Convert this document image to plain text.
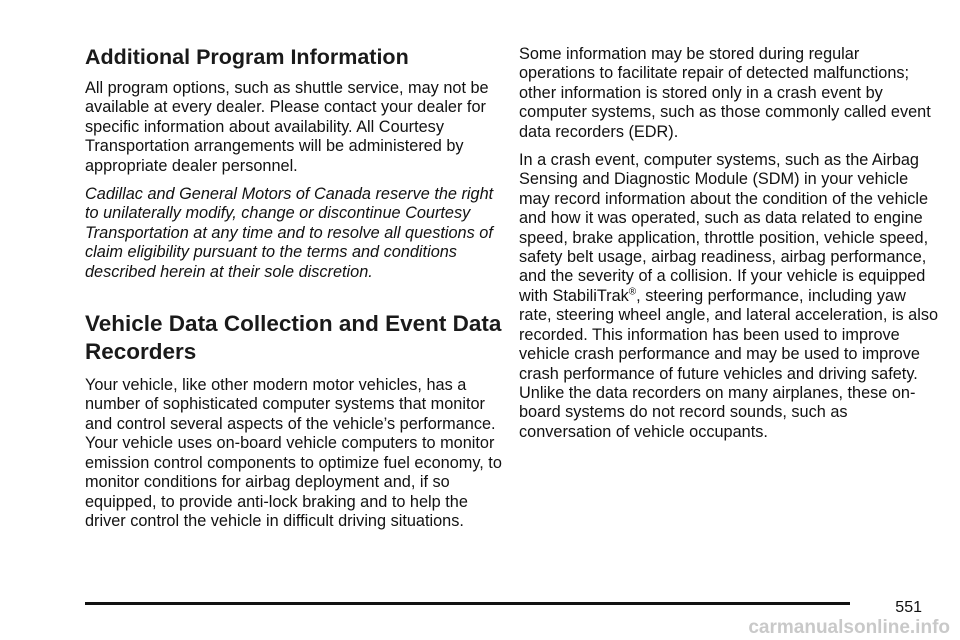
Additional Program Information

All program options, such as shuttle service, may not be available at every dealer. Please contact your dealer for specific information about availability. All Courtesy Transportation arrangements will be administered by appropriate dealer personnel.

Cadillac and General Motors of Canada reserve the right to unilaterally modify, change or discontinue Courtesy Transportation at any time and to resolve all questions of claim eligibility pursuant to the terms and conditions described herein at their sole discretion.

Vehicle Data Collection and Event Data Recorders

Your vehicle, like other modern motor vehicles, has a number of sophisticated computer systems that monitor and control several aspects of the vehicle’s performance. Your vehicle uses on-board vehicle computers to monitor emission control components to optimize fuel economy, to monitor conditions for airbag deployment and, if so equipped, to provide anti-lock braking and to help the driver control the vehicle in difficult driving situations.

Some information may be stored during regular operations to facilitate repair of detected malfunctions; other information is stored only in a crash event by computer systems, such as those commonly called event data recorders (EDR).

In a crash event, computer systems, such as the Airbag Sensing and Diagnostic Module (SDM) in your vehicle may record information about the condition of the vehicle and how it was operated, such as data related to engine speed, brake application, throttle position, vehicle speed, safety belt usage, airbag readiness, airbag performance, and the severity of a collision. If your vehicle is equipped with StabiliTrak®, steering performance, including yaw rate, steering wheel angle, and lateral acceleration, is also recorded. This information has been used to improve vehicle crash performance and may be used to improve crash performance of future vehicles and driving safety. Unlike the data recorders on many airplanes, these on-board systems do not record sounds, such as conversation of vehicle occupants.

551
carmanualsonline.info
